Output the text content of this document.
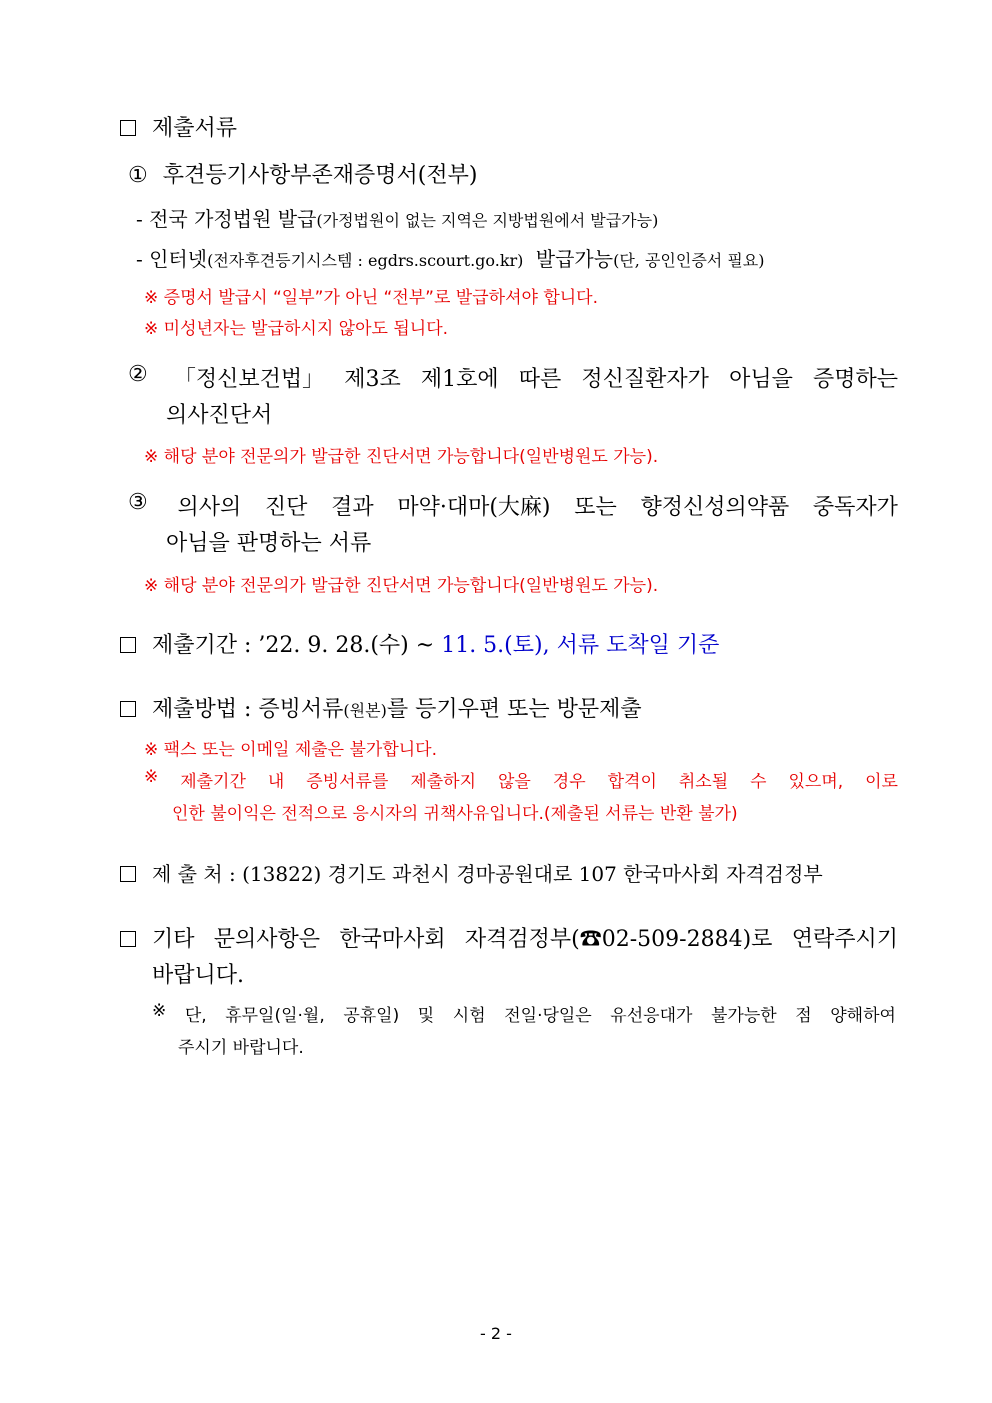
제출서류
① 후견등기사항부존재증명서(전부)
- 전국 가정법원 발급(가정법원이 없는 지역은 지방법원에서 발급가능)
- 인터넷(전자후견등기시스템 : egdrs.scourt.go.kr) 발급가능(단, 공인인증서 필요)
※ 증명서 발급시 “일부”가 아닌 “전부”로 발급하셔야 합니다.
※ 미성년자는 발급하시지 않아도 됩니다.
② 「정신보건법」 제3조 제1호에 따른 정신질환자가 아님을 증명하는
의사진단서
※ 해당 분야 전문의가 발급한 진단서면 가능합니다(일반병원도 가능).
③ 의사의 진단 결과 마약·대마(大麻) 또는 향정신성의약품 중독자가
아님을 판명하는 서류
※ 해당 분야 전문의가 발급한 진단서면 가능합니다(일반병원도 가능).
제출기간 : ’22. 9. 28.(수) ~ 11. 5.(토), 서류 도착일 기준
제출방법 : 증빙서류(원본)를 등기우편 또는 방문제출
※ 팩스 또는 이메일 제출은 불가합니다.
※ 제출기간 내 증빙서류를 제출하지 않을 경우 합격이 취소될 수 있으며, 이로
인한 불이익은 전적으로 응시자의 귀책사유입니다.(제출된 서류는 반환 불가)
제 출 처 : (13822) 경기도 과천시 경마공원대로 107 한국마사회 자격검정부
기타 문의사항은 한국마사회 자격검정부(☎02-509-2884)로 연락주시기
바랍니다.
※ 단, 휴무일(일·월, 공휴일) 및 시험 전일·당일은 유선응대가 불가능한 점 양해하여
주시기 바랍니다.
- 2 -
